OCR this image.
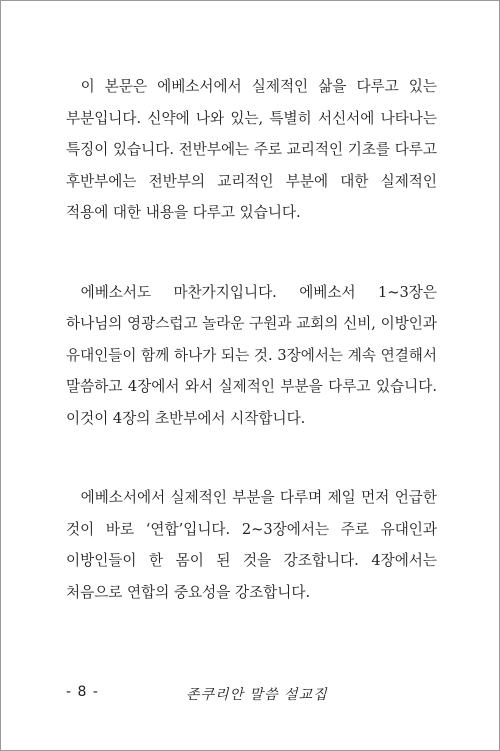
이 본문은 에베소서에서 실제적인 삶을 다루고 있는 부분입니다. 신약에 나와 있는, 특별히 서신서에 나타나는 특징이 있습니다. 전반부에는 주로 교리적인 기초를 다루고 후반부에는 전반부의 교리적인 부분에 대한 실제적인 적용에 대한 내용을 다루고 있습니다.

에베소서도 마찬가지입니다. 에베소서 1~3장은 하나님의 영광스럽고 놀라운 구원과 교회의 신비, 이방인과 유대인들이 함께 하나가 되는 것. 3장에서는 계속 연결해서 말씀하고 4장에서 와서 실제적인 부분을 다루고 있습니다. 이것이 4장의 초반부에서 시작합니다.

에베소서에서 실제적인 부분을 다루며 제일 먼저 언급한 것이 바로 ‘연합’입니다. 2~3장에서는 주로 유대인과 이방인들이 한 몸이 된 것을 강조합니다. 4장에서는 처음으로 연합의 중요성을 강조합니다.

- 8 -	존쿠리안 말씀 설교집
